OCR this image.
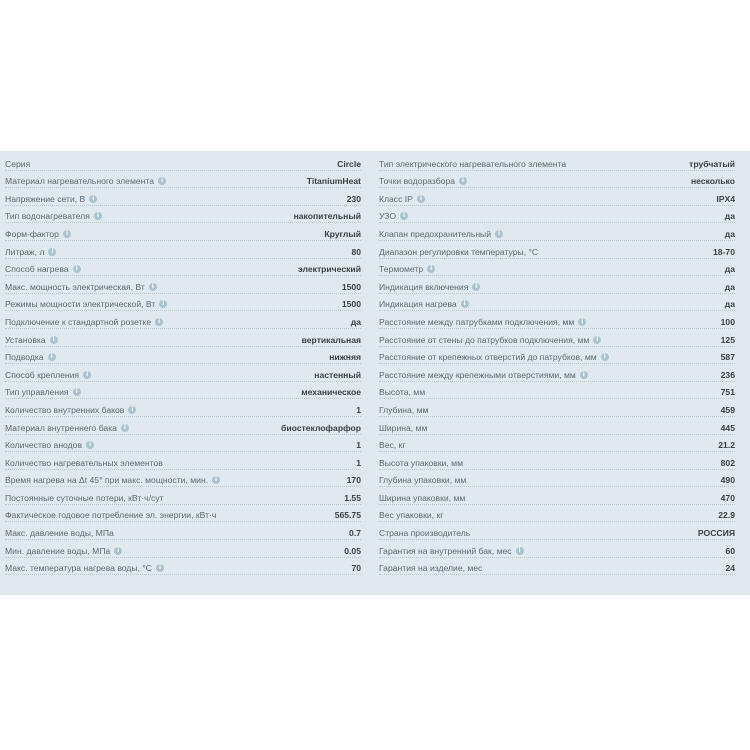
Серия	Circle
Материал нагревательного элемента	i	TitaniumHeat
Напряжение сети, В	i	230
Тип водонагревателя	i	накопительный
Форм-фактор	i	Круглый
Литраж, л	i	80
Способ нагрева	i	электрический
Макс. мощность электрическая, Вт	i	1500
Режимы мощности электрической, Вт	i	1500
Подключение к стандартной розетке	i	да
Установка	i	вертикальная
Подводка	i	нижняя
Способ крепления	i	настенный
Тип управления	i	механическое
Количество внутренних баков	i	1
Материал внутреннего бака	i	биостеклофарфор
Количество анодов	i	1
Количество нагревательных элементов	1
Время нагрева на Δt 45° при макс. мощности, мин.	i	170
Постоянные суточные потери, кВт·ч/сут	1.55
Фактическое годовое потребление эл. энергии, кВт·ч	565.75
Макс. давление воды, МПа	0.7
Мин. давление воды, МПа	i	0.05
Макс. температура нагрева воды, °С	i	70
Тип электрического нагревательного элемента	трубчатый
Точки водоразбора	i	несколько
Класс IP	i	IPX4
УЗО	i	да
Клапан предохранительный	i	да
Диапазон регулировки температуры, °С	18-70
Термометр	i	да
Индикация включения	i	да
Индикация нагрева	i	да
Расстояние между патрубками подключения, мм	i	100
Расстояние от стены до патрубков подключения, мм	i	125
Расстояние от крепежных отверстий до патрубков, мм	i	587
Расстояние между крепежными отверстиями, мм	i	236
Высота, мм	751
Глубина, мм	459
Ширина, мм	445
Вес, кг	21.2
Высота упаковки, мм	802
Глубина упаковки, мм	490
Ширина упаковки, мм	470
Вес упаковки, кг	22.9
Страна производитель	РОССИЯ
Гарантия на внутренний бак, мес	i	60
Гарантия на изделие, мес	24
